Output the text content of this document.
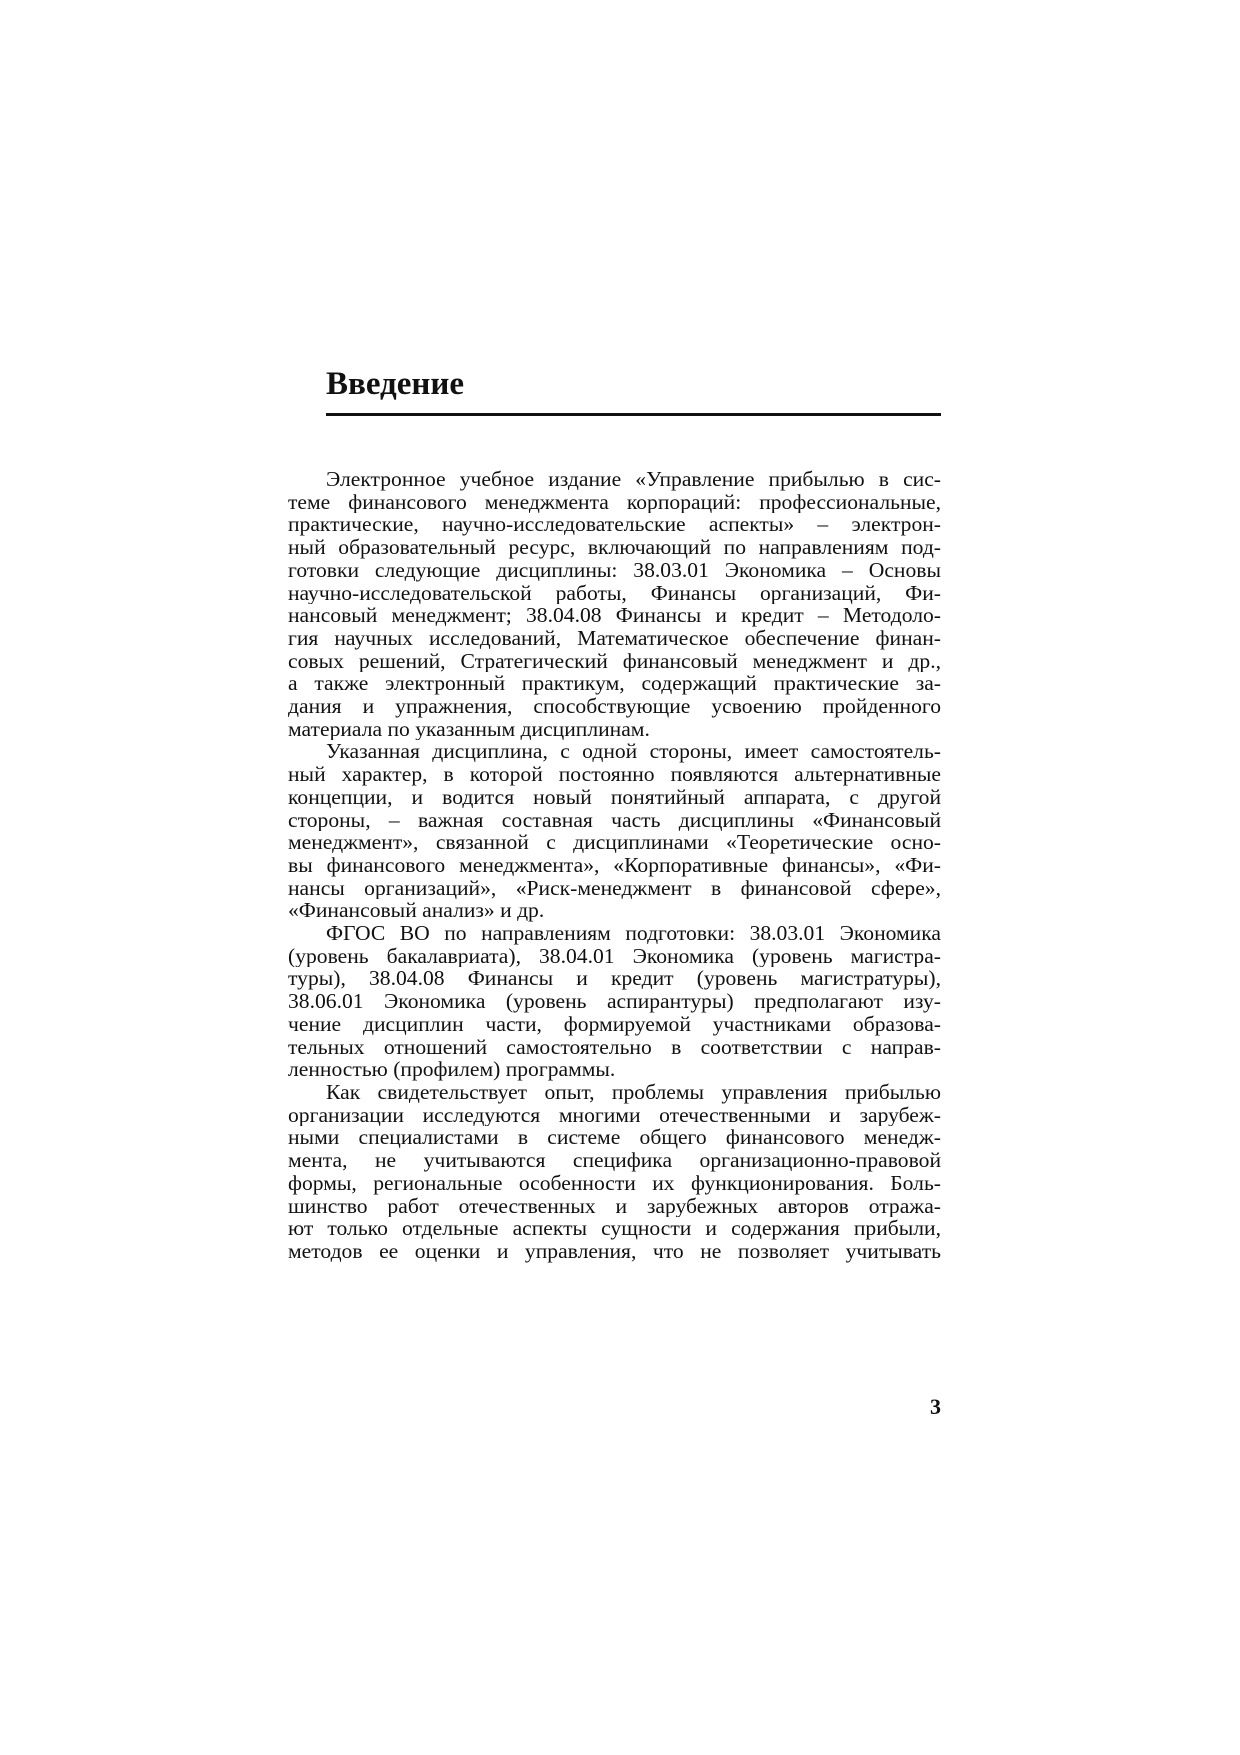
Введение

Электронное учебное издание «Управление прибылью в сис-
теме финансового менеджмента корпораций: профессиональные,
практические, научно-исследовательские аспекты» – электрон-
ный образовательный ресурс, включающий по направлениям под-
готовки следующие дисциплины: 38.03.01 Экономика – Основы
научно-исследовательской работы, Финансы организаций, Фи-
нансовый менеджмент; 38.04.08 Финансы и кредит – Методоло-
гия научных исследований, Математическое обеспечение финан-
совых решений, Стратегический финансовый менеджмент и др.,
а также электронный практикум, содержащий практические за-
дания и упражнения, способствующие усвоению пройденного
материала по указанным дисциплинам.

Указанная дисциплина, с одной стороны, имеет самостоятель-
ный характер, в которой постоянно появляются альтернативные
концепции, и водится новый понятийный аппарата, с другой
стороны, – важная составная часть дисциплины «Финансовый
менеджмент», связанной с дисциплинами «Теоретические осно-
вы финансового менеджмента», «Корпоративные финансы», «Фи-
нансы организаций», «Риск-менеджмент в финансовой сфере»,
«Финансовый анализ» и др.

ФГОС ВО по направлениям подготовки: 38.03.01 Экономика
(уровень бакалавриата), 38.04.01 Экономика (уровень магистра-
туры), 38.04.08 Финансы и кредит (уровень магистратуры),
38.06.01 Экономика (уровень аспирантуры) предполагают изу-
чение дисциплин части, формируемой участниками образова-
тельных отношений самостоятельно в соответствии с направ-
ленностью (профилем) программы.

Как свидетельствует опыт, проблемы управления прибылью
организации исследуются многими отечественными и зарубеж-
ными специалистами в системе общего финансового менедж-
мента, не учитываются специфика организационно-правовой
формы, региональные особенности их функционирования. Боль-
шинство работ отечественных и зарубежных авторов отража-
ют только отдельные аспекты сущности и содержания прибыли,
методов ее оценки и управления, что не позволяет учитывать

3
